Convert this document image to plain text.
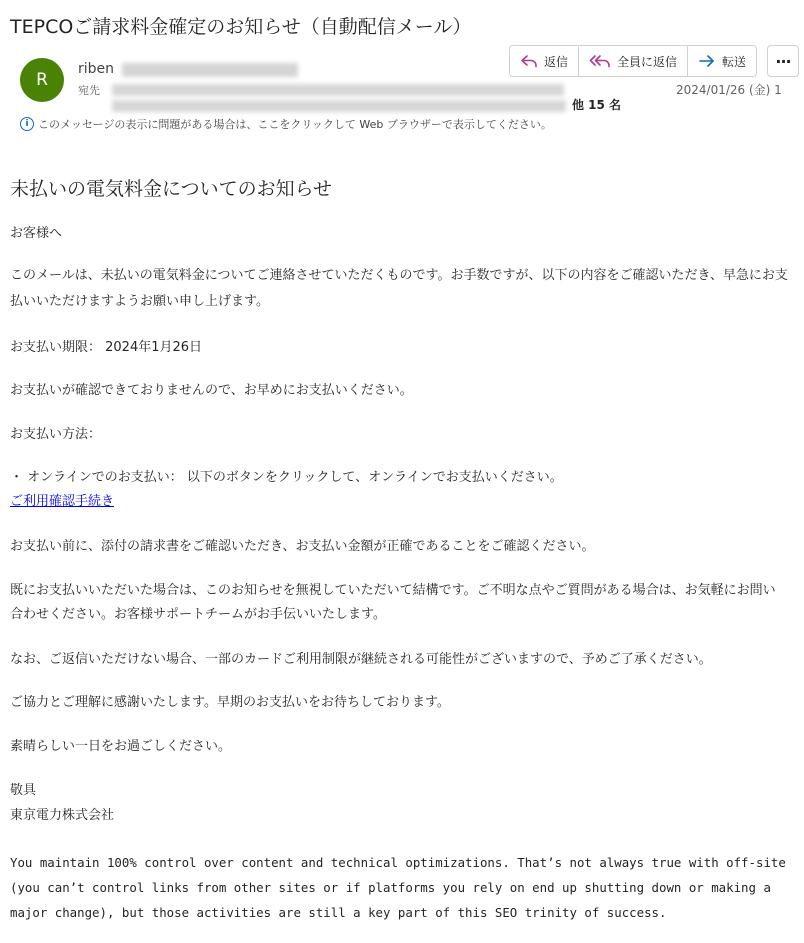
TEPCOご請求料金確定のお知らせ（自動配信メール）
R
riben
宛先
他 15 名
返信	全員に返信	転送	···
2024/01/26 (金) 1
i このメッセージの表示に問題がある場合は、ここをクリックして Web ブラウザーで表示してください。
未払いの電気料金についてのお知らせ
お客様へ
このメールは、未払いの電気料金についてご連絡させていただくものです。お手数ですが、以下の内容をご確認いただき、早急にお支
払いいただけますようお願い申し上げます。
お支払い期限： 2024年1月26日
お支払いが確認できておりませんので、お早めにお支払いください。
お支払い方法：
・ オンラインでのお支払い： 以下のボタンをクリックして、オンラインでお支払いください。
ご利用確認手続き
お支払い前に、添付の請求書をご確認いただき、お支払い金額が正確であることをご確認ください。
既にお支払いいただいた場合は、このお知らせを無視していただいて結構です。ご不明な点やご質問がある場合は、お気軽にお問い
合わせください。お客様サポートチームがお手伝いいたします。
なお、ご返信いただけない場合、一部のカードご利用制限が継続される可能性がございますので、予めご了承ください。
ご協力とご理解に感謝いたします。早期のお支払いをお待ちしております。
素晴らしい一日をお過ごしください。
敬具
東京電力株式会社
You maintain 100% control over content and technical optimizations. That’s not always true with off-site (you can’t control links from other sites or if platforms you rely on end up shutting down or making a major change), but those activities are still a key part of this SEO trinity of success.
